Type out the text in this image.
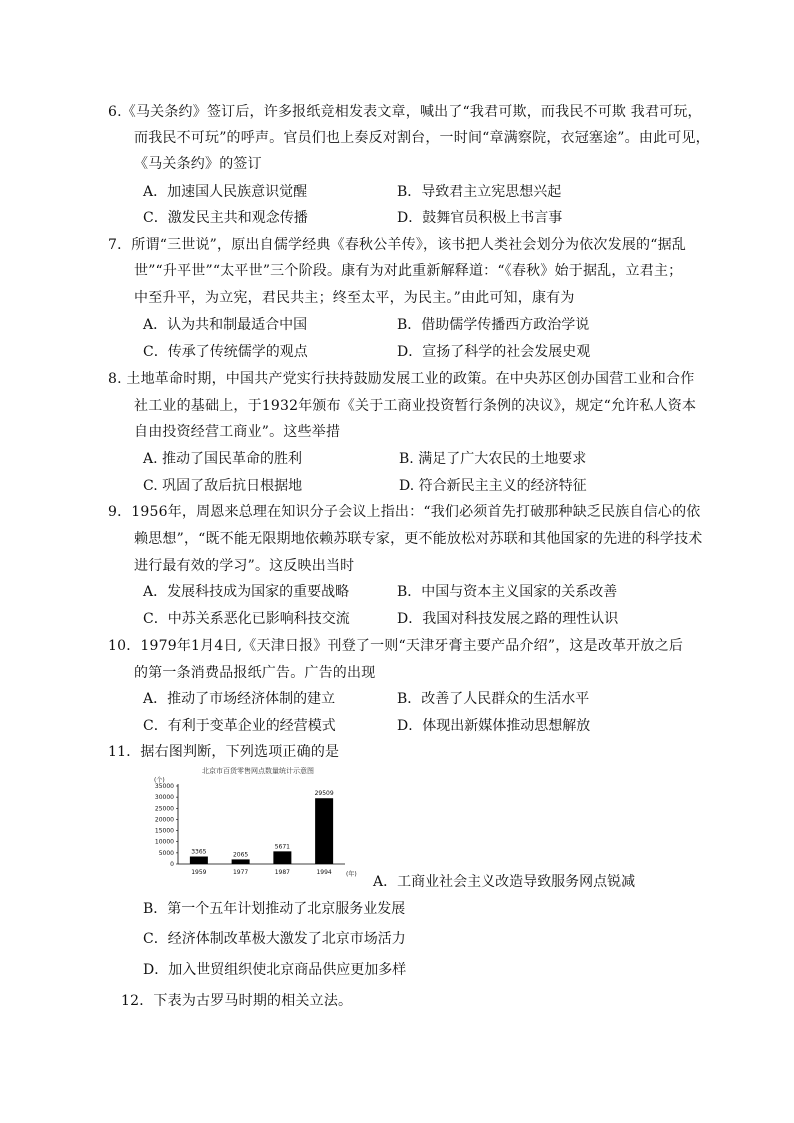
6.《马关条约》签订后，许多报纸竞相发表文章，喊出了“我君可欺，而我民不可欺 我君可玩，
而我民不可玩”的呼声。官员们也上奏反对割台，一时间“章满察院，衣冠塞途”。由此可见，
《马关条约》的签订
A．加速国人民族意识觉醒	B．导致君主立宪思想兴起
C．激发民主共和观念传播	D．鼓舞官员积极上书言事
7．所谓“三世说”，原出自儒学经典《春秋公羊传》，该书把人类社会划分为依次发展的“据乱
世”“升平世”“太平世”三个阶段。康有为对此重新解释道：“《春秋》始于据乱，立君主；
中至升平，为立宪，君民共主；终至太平，为民主。”由此可知，康有为
A．认为共和制最适合中国	B．借助儒学传播西方政治学说
C．传承了传统儒学的观点	D．宣扬了科学的社会发展史观
8. 土地革命时期，中国共产党实行扶持鼓励发展工业的政策。在中央苏区创办国营工业和合作
社工业的基础上，于1932年颁布《关于工商业投资暂行条例的决议》，规定“允许私人资本
自由投资经营工商业”。这些举措
A. 推动了国民革命的胜利	B. 满足了广大农民的土地要求
C. 巩固了敌后抗日根据地	D. 符合新民主主义的经济特征
9．1956年，周恩来总理在知识分子会议上指出：“我们必须首先打破那种缺乏民族自信心的依
赖思想”，“既不能无限期地依赖苏联专家，更不能放松对苏联和其他国家的先进的科学技术
进行最有效的学习”。这反映出当时
A．发展科技成为国家的重要战略	B．中国与资本主义国家的关系改善
C．中苏关系恶化已影响科技交流	D．我国对科技发展之路的理性认识
10．1979年1月4日,《天津日报》刊登了一则“天津牙膏主要产品介绍”，这是改革开放之后
的第一条消费品报纸广告。广告的出现
A．推动了市场经济体制的建立	B．改善了人民群众的生活水平
C．有利于变革企业的经营模式	D．体现出新媒体推动思想解放
11．据右图判断，下列选项正确的是
北京市百货零售网点数量统计示意图
(个)
(年)
35000
30000
25000
20000
15000
10000
5000
0
3365
1959
2065
1977
5671
1987
29509
1994
A．工商业社会主义改造导致服务网点锐减
B．第一个五年计划推动了北京服务业发展
C．经济体制改革极大激发了北京市场活力
D．加入世贸组织使北京商品供应更加多样
12．下表为古罗马时期的相关立法。
